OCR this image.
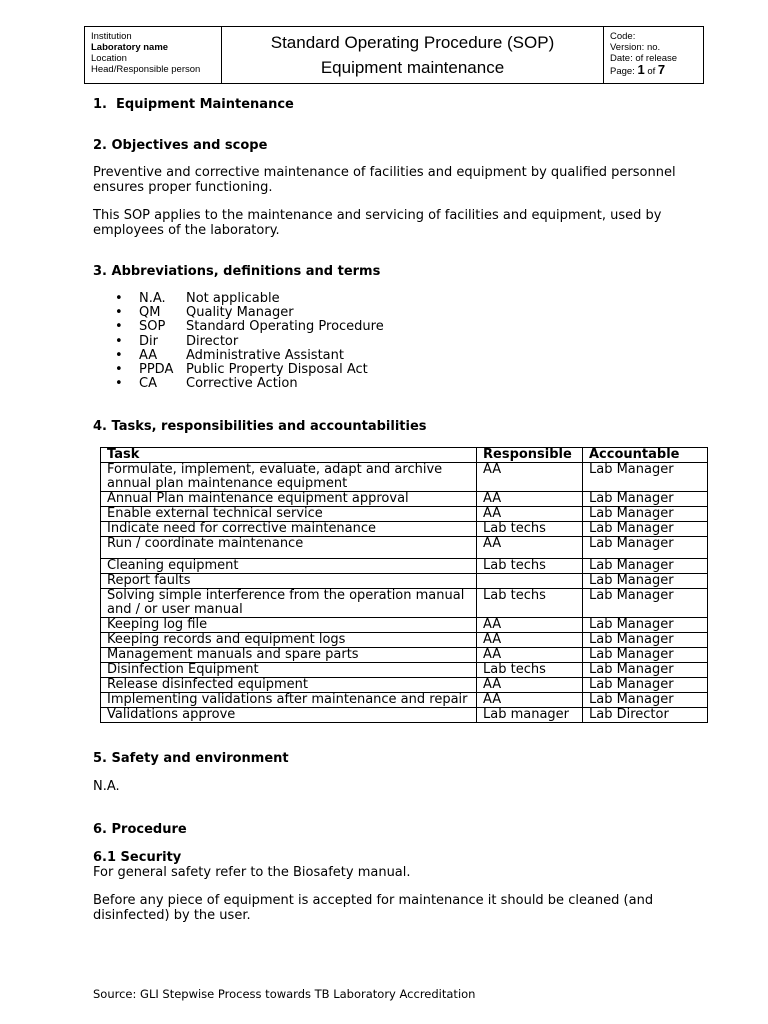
Institution
Laboratory name
Location
Head/Responsible person
Standard Operating Procedure (SOP)
Equipment maintenance
Code:
Version: no.
Date: of release
Page: 1 of 7
1.  Equipment Maintenance
2. Objectives and scope

Preventive and corrective maintenance of facilities and equipment by qualified personnel ensures proper functioning.

This SOP applies to the maintenance and servicing of facilities and equipment, used by employees of the laboratory.

3. Abbreviations, definitions and terms
•	N.A.	Not applicable
•	QM	Quality Manager
•	SOP	Standard Operating Procedure
•	Dir	Director
•	AA	Administrative Assistant
•	PPDA Public Property Disposal Act
•	CA	Corrective Action
4. Tasks, responsibilities and accountabilities
Task	Responsible	Accountable
Formulate, implement, evaluate, adapt and archive annual plan maintenance equipment	AA	Lab Manager
Annual Plan maintenance equipment approval	AA	Lab Manager
Enable external technical service	AA	Lab Manager
Indicate need for corrective maintenance	Lab techs	Lab Manager
Run / coordinate maintenance	AA	Lab Manager
Cleaning equipment	Lab techs	Lab Manager
Report faults		Lab Manager
Solving simple interference from the operation manual and / or user manual	Lab techs	Lab Manager
Keeping log file	AA	Lab Manager
Keeping records and equipment logs	AA	Lab Manager
Management manuals and spare parts	AA	Lab Manager
Disinfection Equipment	Lab techs	Lab Manager
Release disinfected equipment	AA	Lab Manager
Implementing validations after maintenance and repair	AA	Lab Manager
Validations approve	Lab manager	Lab Director
5. Safety and environment

N.A.

6. Procedure
6.1 Security

For general safety refer to the Biosafety manual.

Before any piece of equipment is accepted for maintenance it should be cleaned (and disinfected) by the user.

Source: GLI Stepwise Process towards TB Laboratory Accreditation
